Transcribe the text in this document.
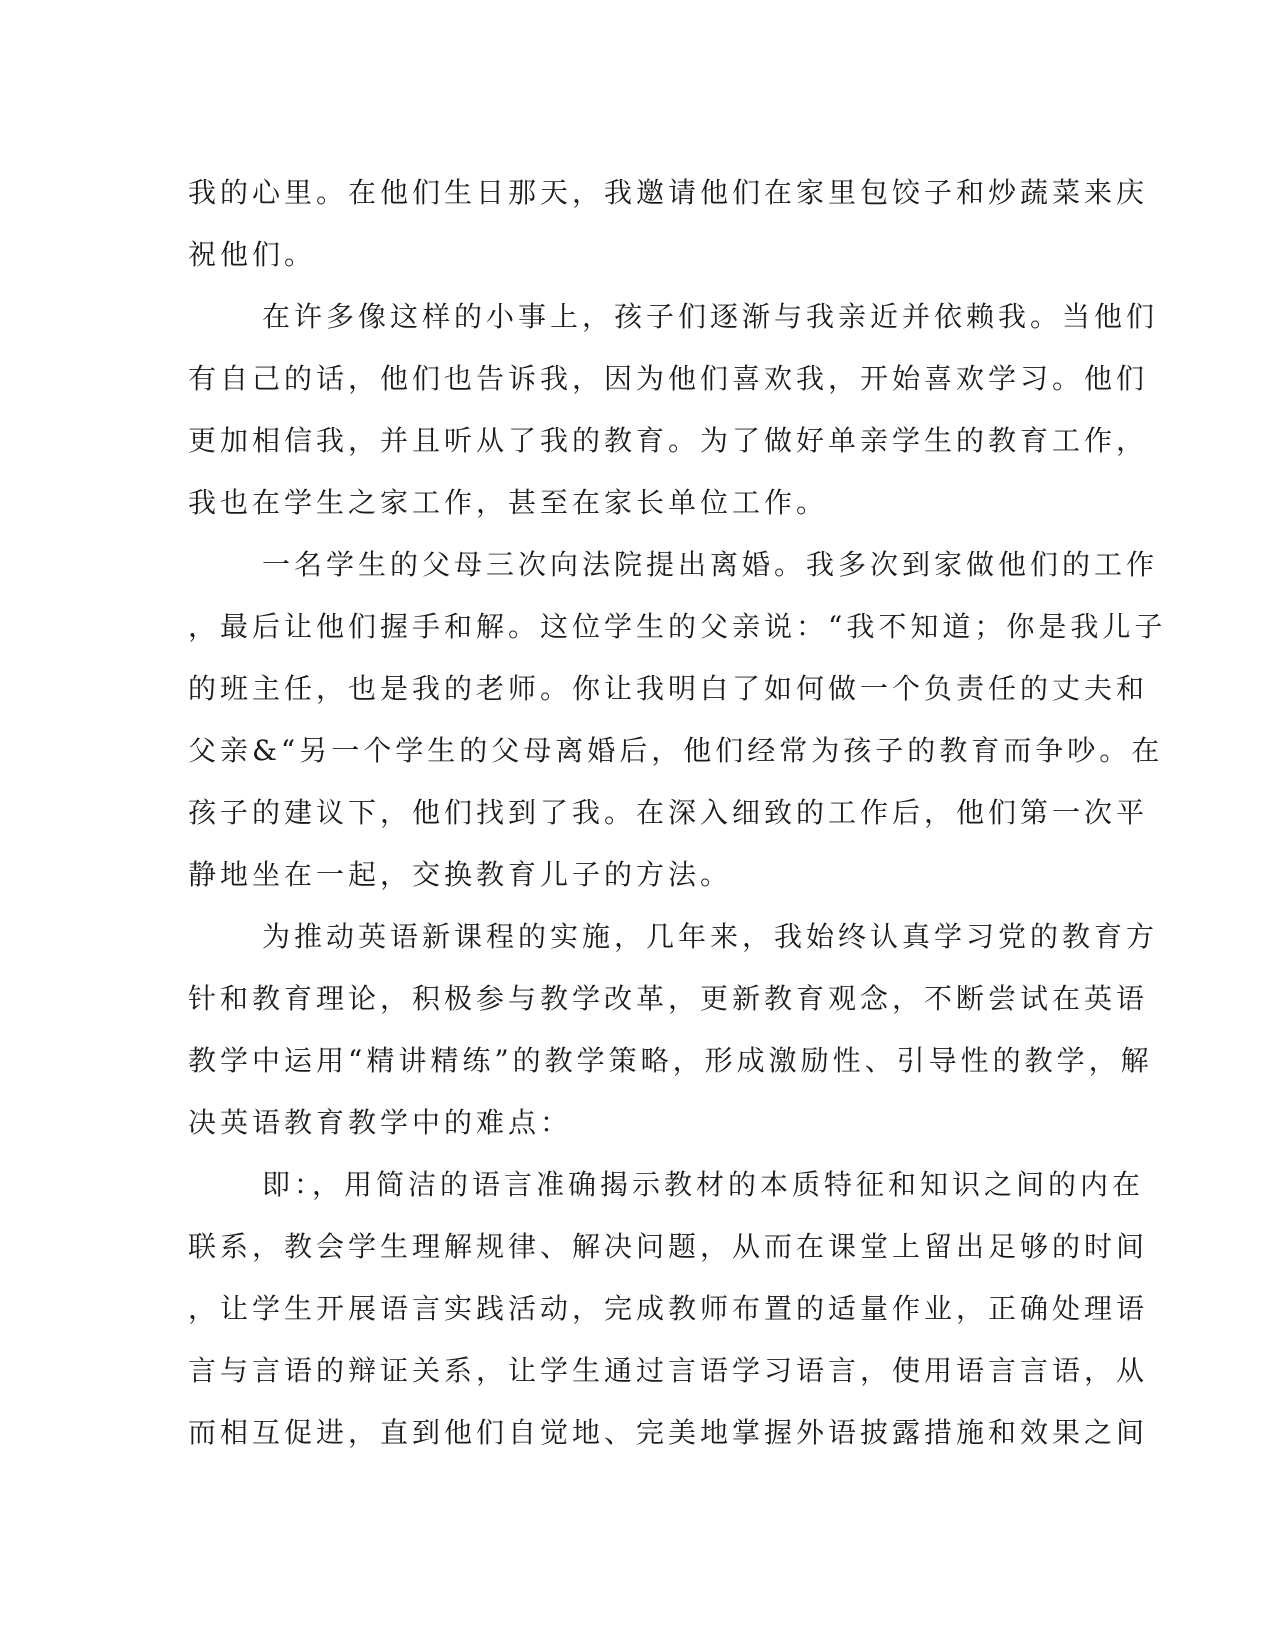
我的心里。在他们生日那天，我邀请他们在家里包饺子和炒蔬菜来庆
祝他们。
在许多像这样的小事上，孩子们逐渐与我亲近并依赖我。当他们
有自己的话，他们也告诉我，因为他们喜欢我，开始喜欢学习。他们
更加相信我，并且听从了我的教育。为了做好单亲学生的教育工作，
我也在学生之家工作，甚至在家长单位工作。
一名学生的父母三次向法院提出离婚。我多次到家做他们的工作
，最后让他们握手和解。这位学生的父亲说：“我不知道；你是我儿子
的班主任，也是我的老师。你让我明白了如何做一个负责任的丈夫和
父亲&“另一个学生的父母离婚后，他们经常为孩子的教育而争吵。在
孩子的建议下，他们找到了我。在深入细致的工作后，他们第一次平
静地坐在一起，交换教育儿子的方法。
为推动英语新课程的实施，几年来，我始终认真学习党的教育方
针和教育理论，积极参与教学改革，更新教育观念，不断尝试在英语
教学中运用“精讲精练”的教学策略，形成激励性、引导性的教学，解
决英语教育教学中的难点：
即：，用简洁的语言准确揭示教材的本质特征和知识之间的内在
联系，教会学生理解规律、解决问题，从而在课堂上留出足够的时间
，让学生开展语言实践活动，完成教师布置的适量作业，正确处理语
言与言语的辩证关系，让学生通过言语学习语言，使用语言言语，从
而相互促进，直到他们自觉地、完美地掌握外语披露措施和效果之间
